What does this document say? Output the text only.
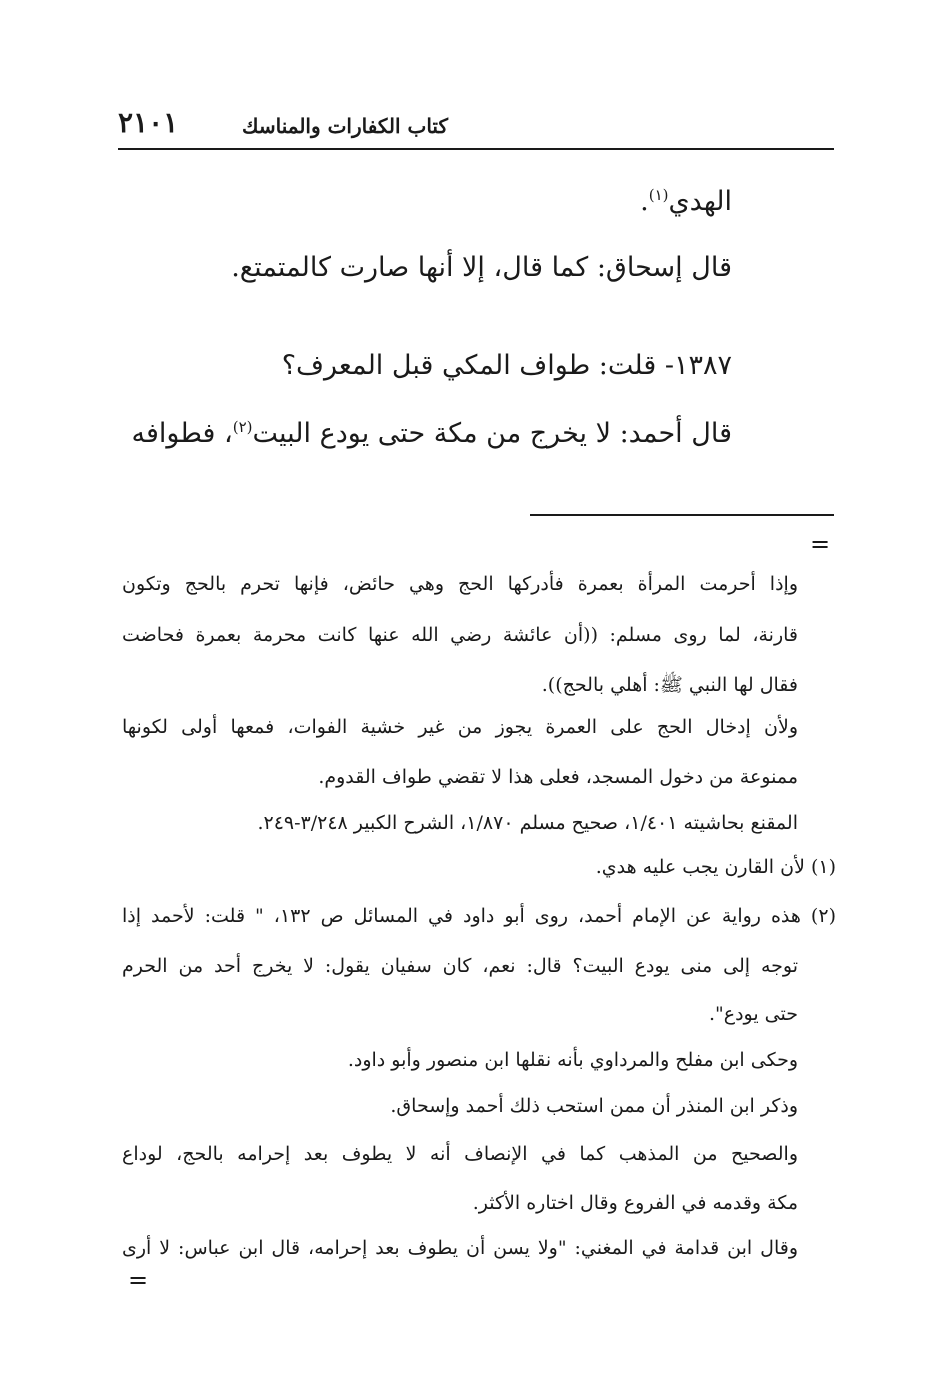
٢١٠١	كتاب الكفارات والمناسك
الهدي$^{(١)}$.
قال إسحاق: كما قال، إلا أنها صارت كالمتمتع.
١٣٨٧- قلت: طواف المكي قبل المعرف؟
قال أحمد: لا يخرج من مكة حتى يودع البيت$^{(٢)}$، فطوافه
=
وإذا أحرمت المرأة بعمرة فأدركها الحج وهي حائض، فإنها تحرم بالحج وتكون
قارنة، لما روى مسلم: ((أن عائشة رضي الله عنها كانت محرمة بعمرة فحاضت
فقال لها النبي ﷺ: أهلي بالحج)).
ولأن إدخال الحج على العمرة يجوز من غير خشية الفوات، فمعها أولى لكونها
ممنوعة من دخول المسجد، فعلى هذا لا تقضي طواف القدوم.
المقنع بحاشيته ١/٤٠١، صحيح مسلم ١/٨٧٠، الشرح الكبير ٣/٢٤٨-٢٤٩.
(١) لأن القارن يجب عليه هدي.
(٢) هذه رواية عن الإمام أحمد، روى أبو داود في المسائل ص ١٣٢، " قلت: لأحمد إذا
توجه إلى منى يودع البيت؟ قال: نعم، كان سفيان يقول: لا يخرج أحد من الحرم
حتى يودع".
وحكى ابن مفلح والمرداوي بأنه نقلها ابن منصور وأبو داود.
وذكر ابن المنذر أن ممن استحب ذلك أحمد وإسحاق.
والصحيح من المذهب كما في الإنصاف أنه لا يطوف بعد إحرامه بالحج، لوداع
مكة وقدمه في الفروع وقال اختاره الأكثر.
وقال ابن قدامة في المغني: "ولا يسن أن يطوف بعد إحرامه، قال ابن عباس: لا أرى
=
